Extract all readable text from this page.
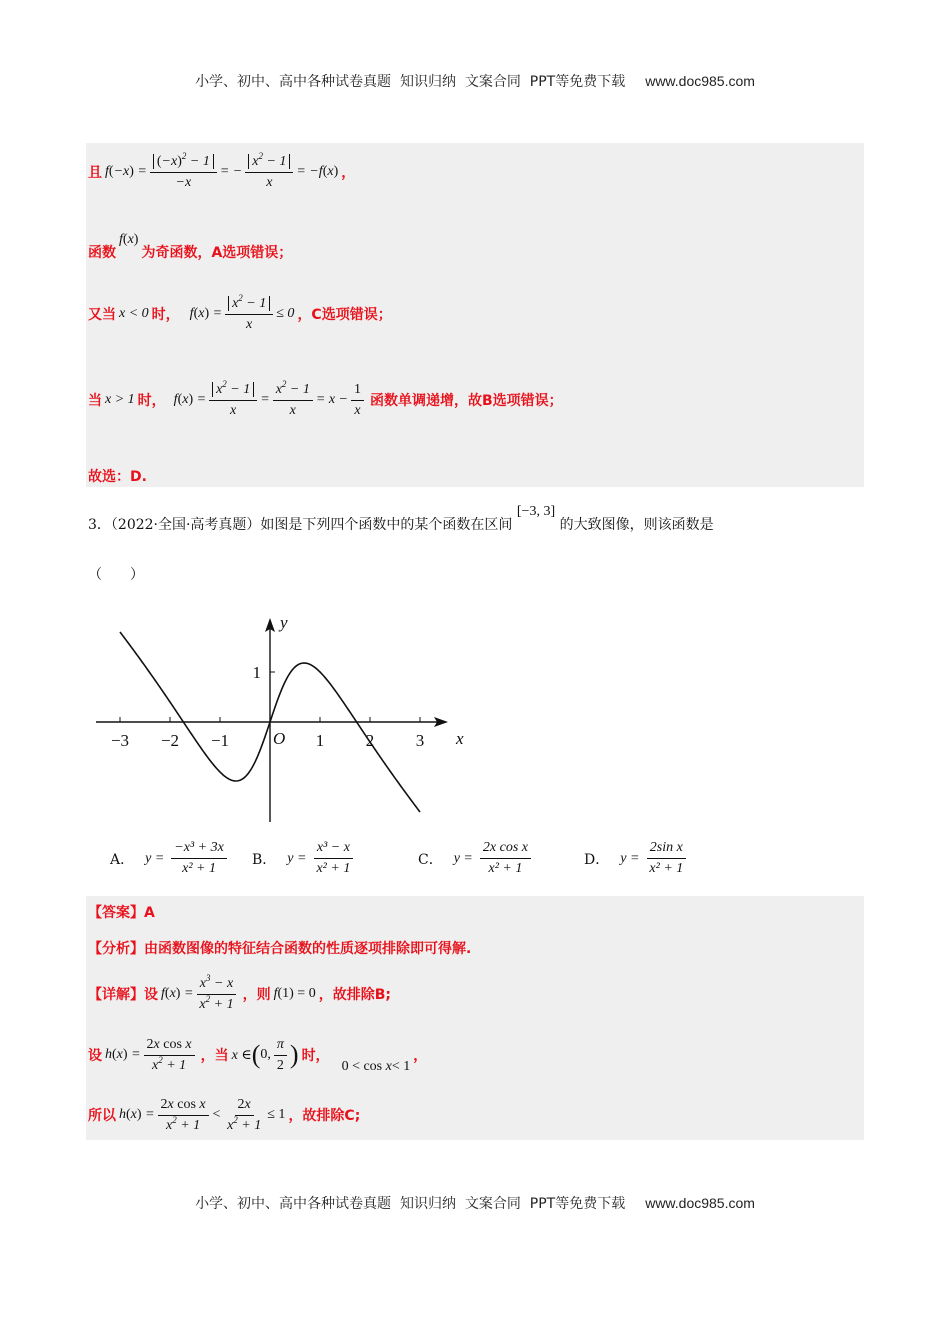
小学、初中、高中各种试卷真题  知识归纳  文案合同  PPT等免费下载 www.doc985.com
且 f ( −x ) = $\frac{(-x)^2 - 1}{-x}$ = − $\frac{x^2 - 1}{x} = -f$ ( x ) ，
函数
f ( x )
为奇函数，A选项错误；
又当 x < 0 时， f ( x ) = $\frac{x^2 - 1}{x} \le 0$ ，C选项错误；
当 x > 1 时， f ( x ) = $\frac{x^2 - 1}{x} = \frac{x^2 - 1}{x} = x - \frac{1}{x}$ 函数单调递增，故B选项错误；
故选：D.
3．（2022·全国·高考真题）如图是下列四个函数中的某个函数在区间 [−3, 3] 的大致图像，则该函数是
（　　）
−3 −2 −1	1 2 3
1
O	x
y
A． $y = \frac{\text{−x³ + 3x}}{\text{x² + 1}}$ B． $y = \frac{\text{x³ − x}}{\text{x² + 1}}$	C． $y = \frac{\text{2x cos x}}{\text{x² + 1}}$	D． $y = \frac{\text{2sin x}}{\text{x² + 1}}$
【答案】A
【分析】由函数图像的特征结合函数的性质逐项排除即可得解.
【详解】设 f ( x ) = $\frac{x^3 - x}{x^2 + 1}$ ，则 f (1) = 0 ，故排除B;
设 h ( x ) = $\frac{\text{2x cos x}}{x^2 + 1}$ ，当 x ∈ ( 0, $\frac{\pi}{2}$ ) 时，
0 < cos x < 1
，
所以 h ( x ) = $\frac{\text{2x cos x}}{x^2 + 1} < \frac{2x}{x^2 + 1} \le 1$ ，故排除C;
小学、初中、高中各种试卷真题  知识归纳  文案合同  PPT等免费下载 www.doc985.com
